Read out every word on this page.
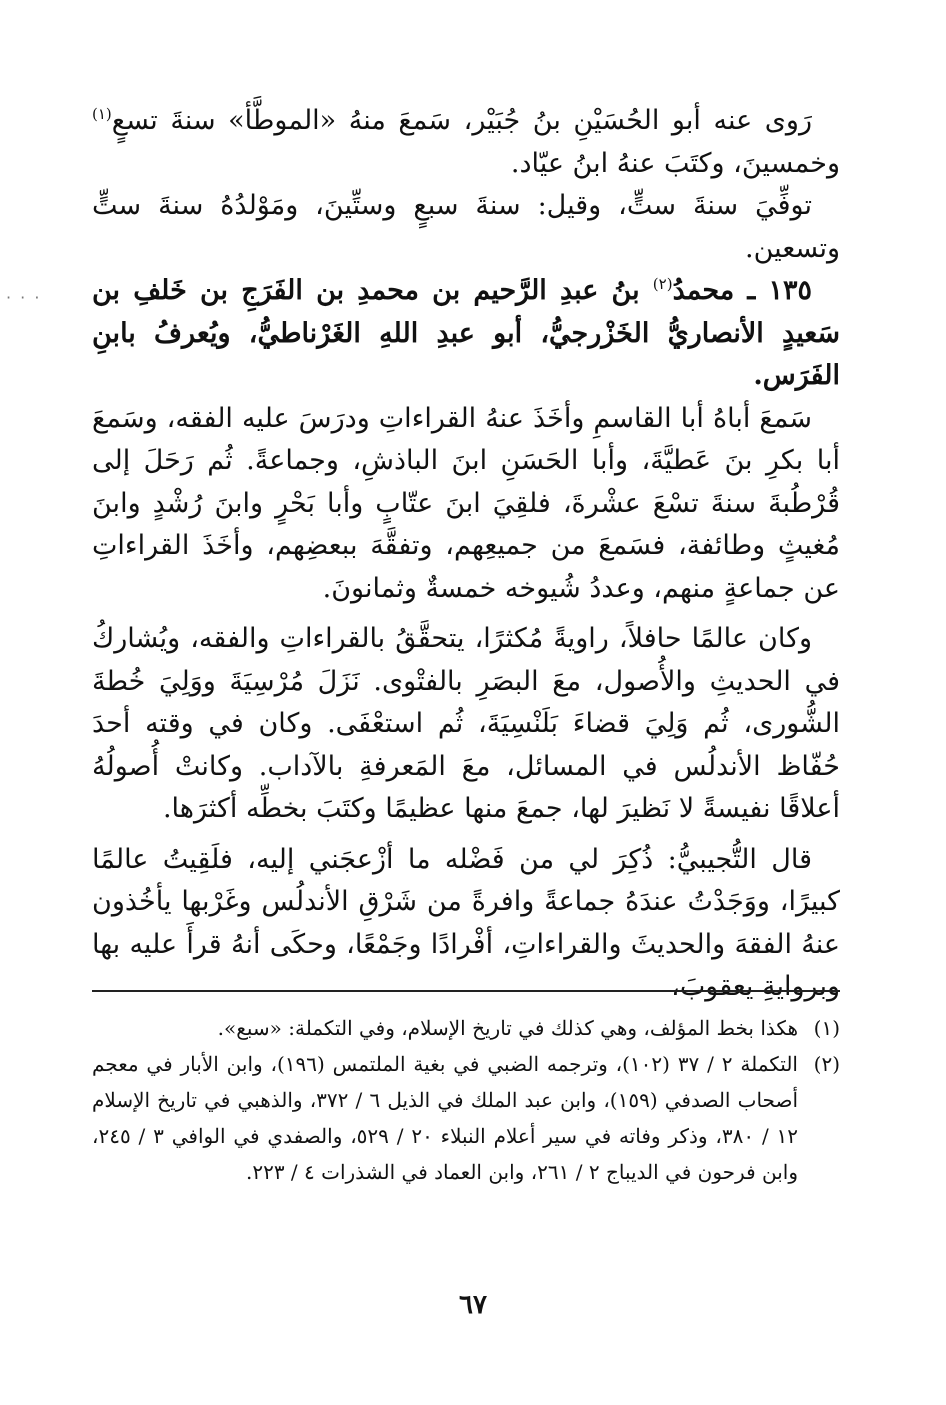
· · ·

رَوى عنه أبو الحُسَيْنِ بنُ جُبَيْر، سَمعَ منهُ «الموطَّأ» سنةَ تسعٍ$^{(١)}$ وخمسينَ، وكتَبَ عنهُ ابنُ عيّاد.

توفِّيَ سنةَ ستٍّ، وقيل: سنةَ سبعٍ وستِّينَ، ومَوْلدُهُ سنةَ ستٍّ وتسعين.

١٣٥ ـ محمدُ$^{(٢)}$ بنُ عبدِ الرَّحيم بن محمدِ بن الفَرَجِ بن خَلفِ بن سَعيدٍ الأنصاريُّ الخَزْرجيُّ، أبو عبدِ اللهِ الغَرْناطيُّ، ويُعرفُ بابنِ الفَرَس.

سَمعَ أباهُ أبا القاسمِ وأخَذَ عنهُ القراءاتِ ودرَسَ عليه الفقه، وسَمعَ أبا بكرِ بنَ عَطيَّةَ، وأبا الحَسَنِ ابنَ الباذشِ، وجماعةً. ثُم رَحَلَ إلى قُرْطُبةَ سنةَ تسْعَ عشْرةَ، فلقِيَ ابنَ عتّابٍ وأبا بَحْرٍ وابنَ رُشْدٍ وابنَ مُغيثٍ وطائفة، فسَمعَ من جميعِهم، وتفقَّهَ ببعضِهم، وأخَذَ القراءاتِ عن جماعةٍ منهم، وعددُ شُيوخه خمسةٌ وثمانونَ.

وكان عالمًا حافلاً، راويةً مُكثرًا، يتحقَّقُ بالقراءاتِ والفقه، ويُشاركُ في الحديثِ والأُصول، معَ البصَرِ بالفتْوى. نَزَلَ مُرْسِيَةَ ووَلِيَ خُطةَ الشُّورى، ثُم وَلِيَ قضاءَ بَلَنْسِيَةَ، ثُم استعْفَى. وكان في وقته أحدَ حُفّاظ الأندلُس في المسائل، معَ المَعرفةِ بالآداب. وكانتْ أُصولُهُ أعلاقًا نفيسةً لا نَظيرَ لها، جمعَ منها عظيمًا وكتَبَ بخطِّه أكثرَها.

قال التُّجيبيُّ: ذُكِرَ لي من فَضْله ما أزْعجَني إليه، فلَقِيتُ عالمًا كبيرًا، ووَجَدْتُ عندَهُ جماعةً وافرةً من شَرْقِ الأندلُس وغَرْبها يأخُذون عنهُ الفقهَ والحديثَ والقراءاتِ، أفْرادًا وجَمْعًا، وحكَى أنهُ قرأَ عليه بها وبروايةِ يعقوبَ،

(١)
هكذا بخط المؤلف، وهي كذلك في تاريخ الإسلام، وفي التكملة: «سبع».

(٢)
التكملة ٢ / ٣٧ (١٠٢)، وترجمه الضبي في بغية الملتمس (١٩٦)، وابن الأبار في معجم أصحاب الصدفي (١٥٩)، وابن عبد الملك في الذيل ٦ / ٣٧٢، والذهبي في تاريخ الإسلام ١٢ / ٣٨٠، وذكر وفاته في سير أعلام النبلاء ٢٠ / ٥٢٩، والصفدي في الوافي ٣ / ٢٤٥، وابن فرحون في الديباج ٢ / ٢٦١، وابن العماد في الشذرات ٤ / ٢٢٣.

٦٧
